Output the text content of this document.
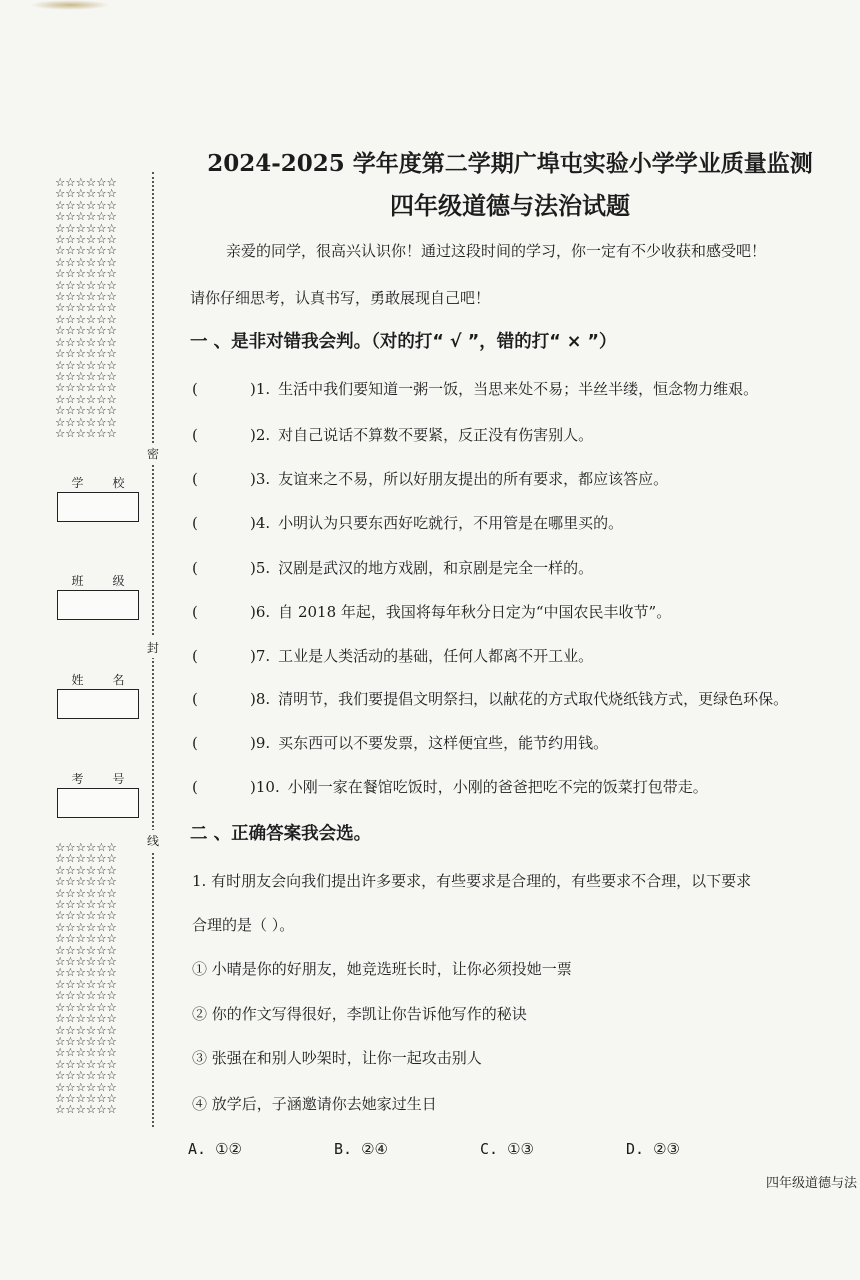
☆☆☆☆☆☆
☆☆☆☆☆☆
☆☆☆☆☆☆
☆☆☆☆☆☆
☆☆☆☆☆☆
☆☆☆☆☆☆
☆☆☆☆☆☆
☆☆☆☆☆☆
☆☆☆☆☆☆
☆☆☆☆☆☆
☆☆☆☆☆☆
☆☆☆☆☆☆
☆☆☆☆☆☆
☆☆☆☆☆☆
☆☆☆☆☆☆
☆☆☆☆☆☆
☆☆☆☆☆☆
☆☆☆☆☆☆
☆☆☆☆☆☆
☆☆☆☆☆☆
☆☆☆☆☆☆
☆☆☆☆☆☆
☆☆☆☆☆☆
☆☆☆☆☆☆
☆☆☆☆☆☆
☆☆☆☆☆☆
☆☆☆☆☆☆
☆☆☆☆☆☆
☆☆☆☆☆☆
☆☆☆☆☆☆
☆☆☆☆☆☆
☆☆☆☆☆☆
☆☆☆☆☆☆
☆☆☆☆☆☆
☆☆☆☆☆☆
☆☆☆☆☆☆
☆☆☆☆☆☆
☆☆☆☆☆☆
☆☆☆☆☆☆
☆☆☆☆☆☆
☆☆☆☆☆☆
☆☆☆☆☆☆
☆☆☆☆☆☆
☆☆☆☆☆☆
☆☆☆☆☆☆
☆☆☆☆☆☆
☆☆☆☆☆☆
密
封
线
学 校
班 级
姓 名
考 号
2024-2025 学年度第二学期广埠屯实验小学学业质量监测
四年级道德与法治试题
亲爱的同学，很高兴认识你！通过这段时间的学习，你一定有不少收获和感受吧！
请你仔细思考，认真书写，勇敢展现自己吧！
一 、是非对错我会判。（对的打“ √ ”，错的打“ × ”）
(	)1. 生活中我们要知道一粥一饭，当思来处不易；半丝半缕，恒念物力维艰。
(	)2. 对自己说话不算数不要紧，反正没有伤害别人。
(	)3. 友谊来之不易，所以好朋友提出的所有要求，都应该答应。
(	)4. 小明认为只要东西好吃就行，不用管是在哪里买的。
(	)5. 汉剧是武汉的地方戏剧，和京剧是完全一样的。
(	)6. 自 2018 年起，我国将每年秋分日定为“中国农民丰收节”。
(	)7. 工业是人类活动的基础，任何人都离不开工业。
(	)8. 清明节，我们要提倡文明祭扫，以献花的方式取代烧纸钱方式，更绿色环保。
(	)9. 买东西可以不要发票，这样便宜些，能节约用钱。
(	)10. 小刚一家在餐馆吃饭时，小刚的爸爸把吃不完的饭菜打包带走。
二 、正确答案我会选。
1. 有时朋友会向我们提出许多要求，有些要求是合理的，有些要求不合理，以下要求
合理的是（ ）。
① 小晴是你的好朋友，她竞选班长时，让你必须投她一票
② 你的作文写得很好，李凯让你告诉他写作的秘诀
③ 张强在和别人吵架时，让你一起攻击别人
④ 放学后，子涵邀请你去她家过生日
A. ①②	B. ②④	C. ①③	D. ②③
四年级道德与法
